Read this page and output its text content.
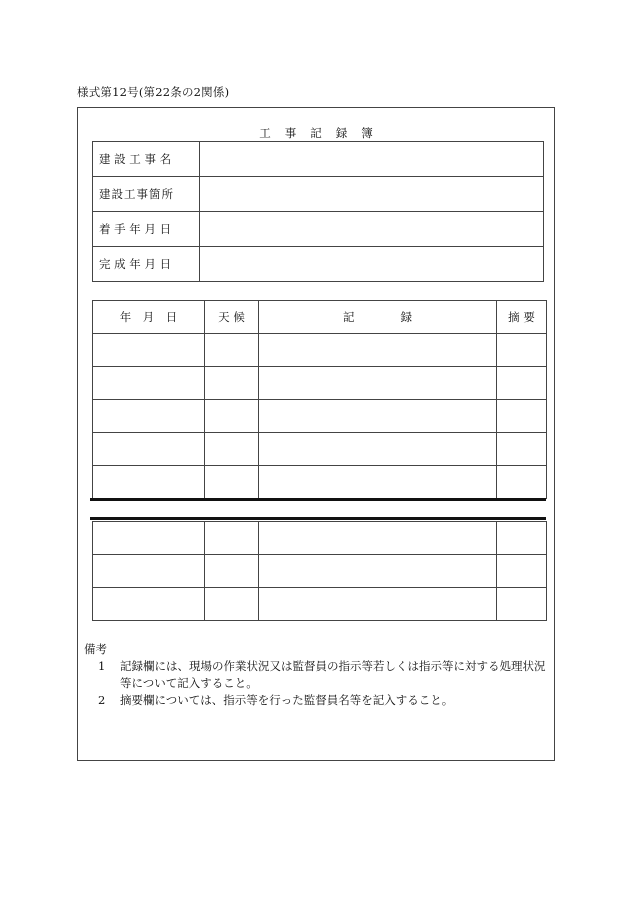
様式第12号(第22条の2関係)
工事記録簿
建 設 工 事 名	
建設工事箇所	
着 手 年 月 日	
完 成 年 月 日	
年　月　日	天 候	記　　　　録	摘 要

備考
1	記録欄には、現場の作業状況又は監督員の指示等若しくは指示等に対する処理状況等について記入すること。
2	摘要欄については、指示等を行った監督員名等を記入すること。
